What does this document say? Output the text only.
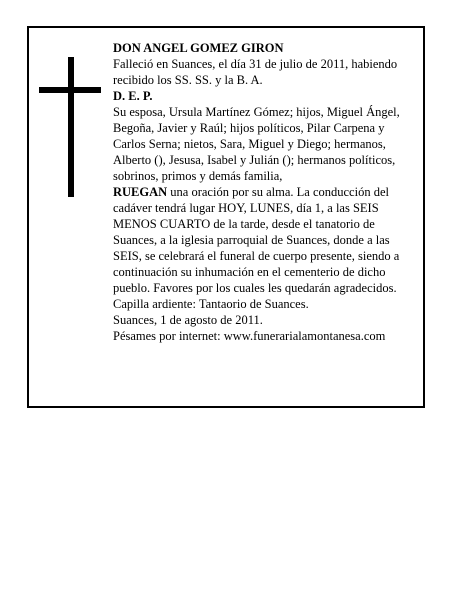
DON ANGEL GOMEZ GIRON

Falleció en Suances, el día 31 de julio de 2011, habiendo recibido los SS. SS. y la B. A.

D. E. P.

Su esposa, Ursula Martínez Gómez; hijos, Miguel Ángel, Begoña, Javier y Raúl; hijos políticos, Pilar Carpena y Carlos Serna; nietos, Sara, Miguel y Diego; hermanos, Alberto (), Jesusa, Isabel y Julián (); hermanos políticos, sobrinos, primos y demás familia,

RUEGAN una oración por su alma. La conducción del cadáver tendrá lugar HOY, LUNES, día 1, a las SEIS MENOS CUARTO de la tarde, desde el tanatorio de Suances, a la iglesia parroquial de Suances, donde a las SEIS, se celebrará el funeral de cuerpo presente, siendo a continuación su inhumación en el cementerio de dicho pueblo. Favores por los cuales les quedarán agradecidos. Capilla ardiente: Tantaorio de Suances.

Suances, 1 de agosto de 2011.

Pésames por internet: www.funerarialamontanesa.com
